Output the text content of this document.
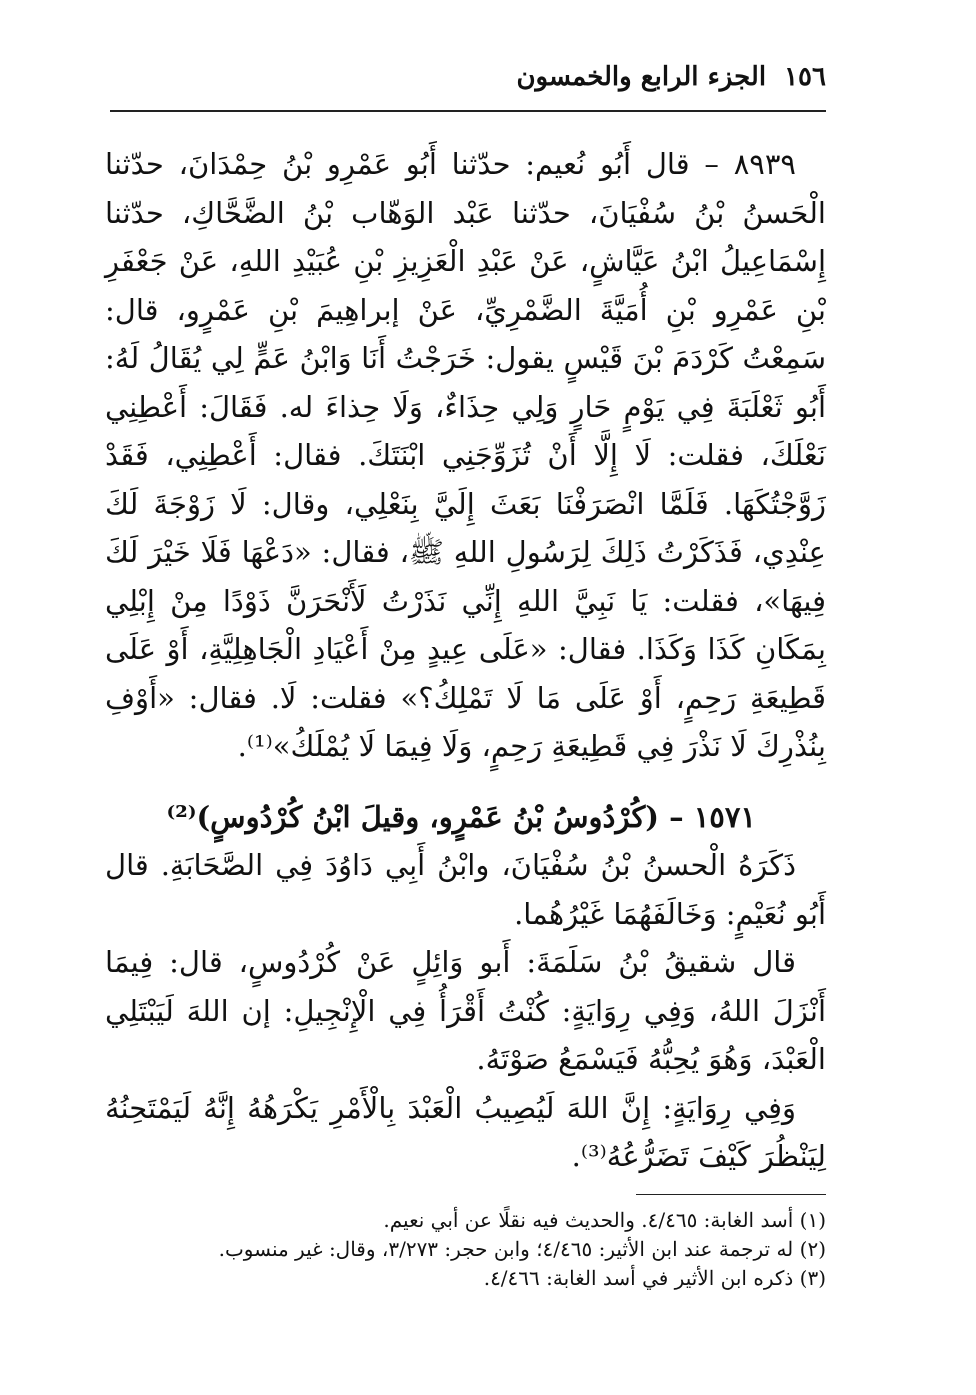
١٥٦
الجزء الرابع والخمسون

٨٩٣٩ – قال أَبُو نُعيم: حدّثنا أَبُو عَمْرِو بْنُ حِمْدَانَ، حدّثنا الْحَسنُ بْنُ سُفْيَانَ، حدّثنا عَبْد الوَهّاب بْنُ الضَّحَّاكِ، حدّثنا إِسْمَاعِيلُ ابْنُ عَيَّاشٍ، عَنْ عَبْدِ الْعَزِيزِ بْنِ عُبَيْدِ اللهِ، عَنْ جَعْفَرِ بْنِ عَمْرِو بْنِ أُمَيَّةَ الضَّمْرِيِّ، عَنْ إبراهِيمَ بْنِ عَمْرٍو، قال: سَمِعْتُ كَرْدَمَ بْنَ قَيْسٍ يقول: خَرَجْتُ أَنَا وَابْنُ عَمٍّ لِي يُقَالُ لَهُ: أَبُو ثَعْلَبَةَ فِي يَوْمٍ حَارٍ وَلِي حِذَاءٌ، وَلَا حِذاءَ له. فَقَالَ: أَعْطِنِي نَعْلَكَ، فقلت: لَا إِلَّا أَنْ تُزَوِّجَنِي ابْنَتَكَ. فقال: أَعْطِنِي، فَقَدْ زَوَّجْتُكَهَا. فَلَمَّا انْصَرَفْنَا بَعَثَ إِلَيَّ بِنَعْلِي، وقال: لَا زَوْجَةَ لَكَ عِنْدِي، فَذَكَرْتُ ذَلِكَ لِرَسُولِ اللهِ ﷺ، فقال: «دَعْهَا فَلَا خَيْرَ لَكَ فِيهَا»، فقلت: يَا نَبِيَّ اللهِ إِنِّي نَذَرْتُ لَأَنْحَرَنَّ ذَوْدًا مِنْ إِبْلِي بِمَكَانِ كَذَا وَكَذَا. فقال: «عَلَى عِيدٍ مِنْ أَعْيَادِ الْجَاهِلِيَّةِ، أَوْ عَلَى قَطِيعَةِ رَحِمٍ، أَوْ عَلَى مَا لَا تَمْلِكُ؟» فقلت: لَا. فقال: «أَوْفِ بِنُذْرِكَ لَا نَذْرَ فِي قَطِيعَةِ رَحِمٍ، وَلَا فِيمَا لَا يُمْلَكُ»⁽¹⁾.

١٥٧١ – (كُرْدُوسُ بْنُ عَمْرٍو، وقيلَ ابْنُ كُرْدُوسٍ)⁽²⁾

ذَكَرَهُ الْحسنُ بْنُ سُفْيَانَ، وابْنُ أَبِي دَاوُدَ فِي الصَّحَابَةِ. قال أَبُو نُعَيْمٍ: وَخَالَفَهُمَا غَيْرُهُما.

قال شقيقُ بْنُ سَلَمَةَ: أَبو وَائِلٍ عَنْ كُرْدُوسٍ، قال: فِيمَا أَنْزَلَ اللهُ، وَفِي رِوَايَةٍ: كُنْتُ أَقْرَأُ فِي الْإِنْجِيلِ: إن اللهَ لَيَبْتَلِي الْعَبْدَ، وَهُوَ يُحِبُّهُ فَيَسْمَعُ صَوْتَهُ.

وَفِي رِوَايَةٍ: إِنَّ اللهَ لَيُصِيبُ الْعَبْدَ بِالْأَمْرِ يَكْرَهُهُ إِنَّهُ لَيَمْتَحِنُهُ لِيَنْظُرَ كَيْفَ تَضَرُّعُهُ⁽³⁾.

(١) أسد الغابة: ٤/٤٦٥. والحديث فيه نقلًا عن أبي نعيم.
(٢) له ترجمة عند ابن الأثير: ٤/٤٦٥؛ وابن حجر: ٣/٢٧٣، وقال: غير منسوب.
(٣) ذكره ابن الأثير في أسد الغابة: ٤/٤٦٦.
